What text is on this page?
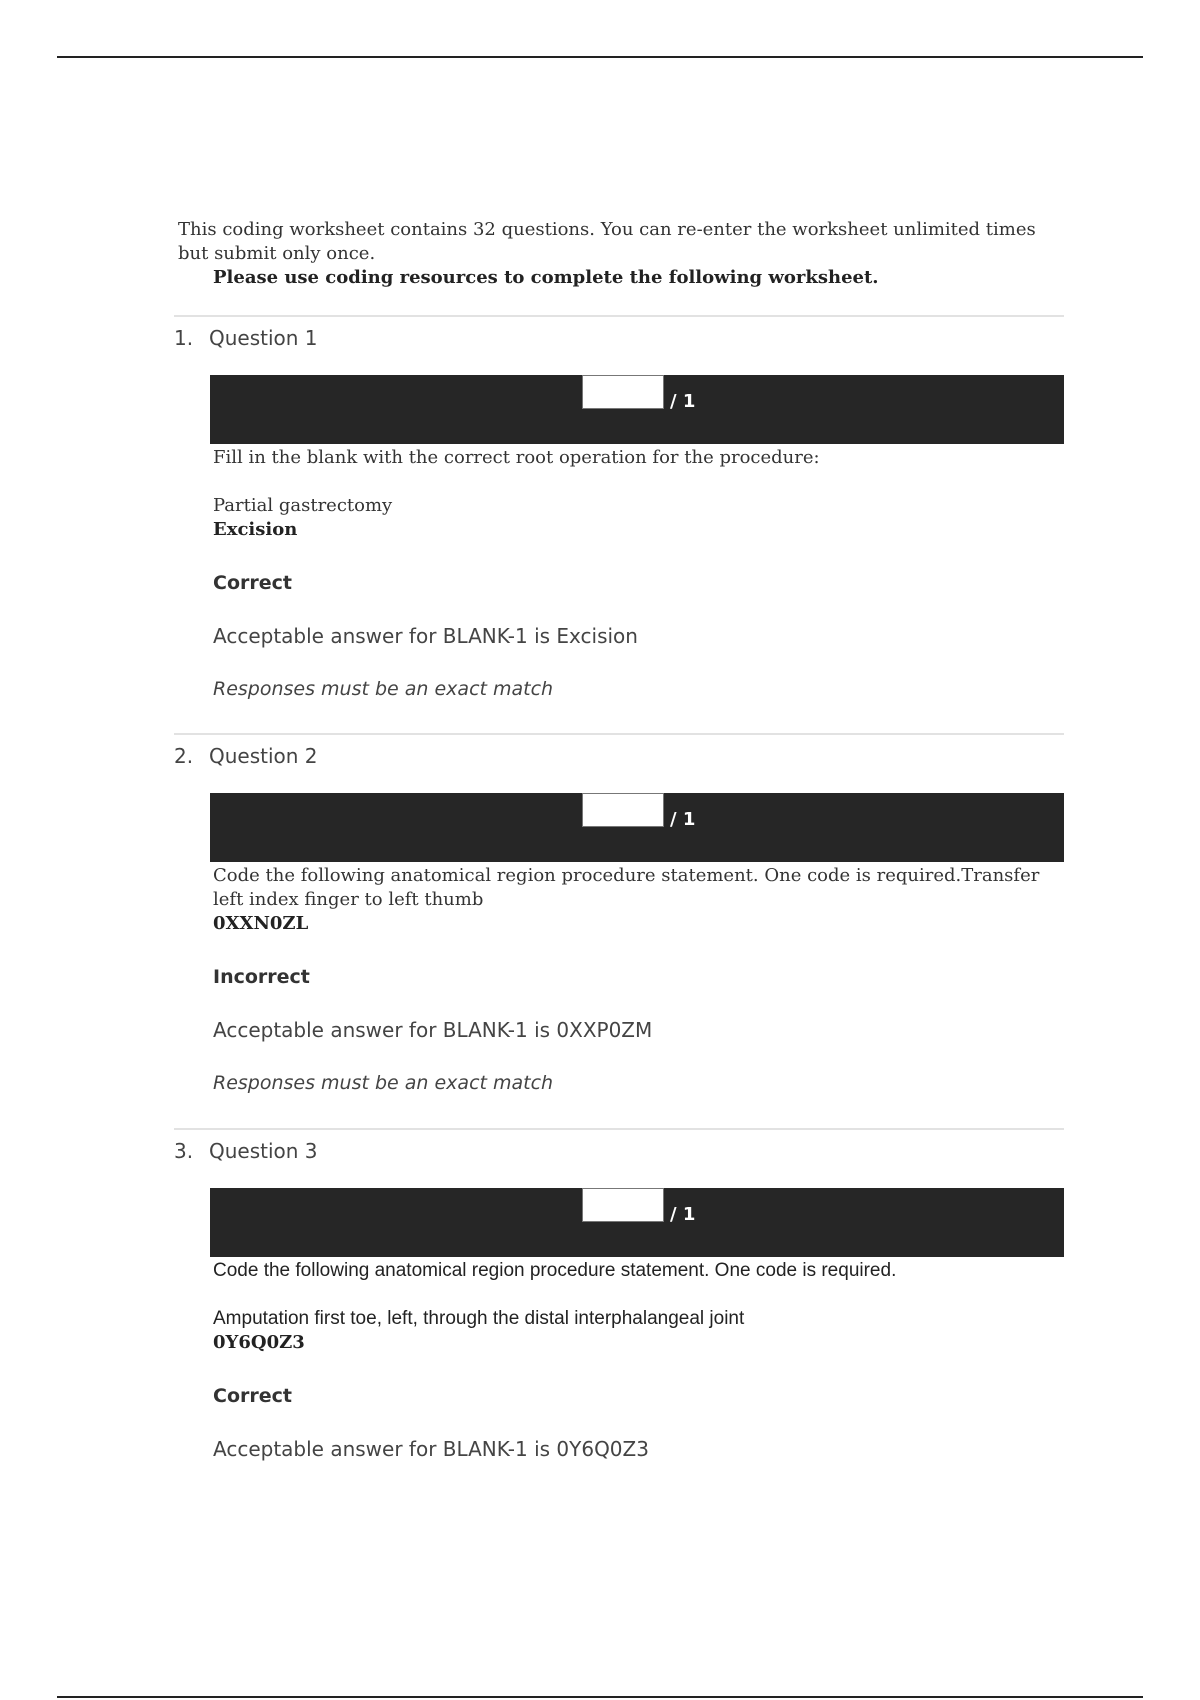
This coding worksheet contains 32 questions. You can re-enter the worksheet unlimited times but submit only once.
Please use coding resources to complete the following worksheet.
1. Question 1
/ 1
Fill in the blank with the correct root operation for the procedure:
Partial gastrectomy
Excision
Correct
Acceptable answer for BLANK-1 is Excision
Responses must be an exact match
2. Question 2
/ 1
Code the following anatomical region procedure statement. One code is required.Transfer left index finger to left thumb
0XXN0ZL
Incorrect
Acceptable answer for BLANK-1 is 0XXP0ZM
Responses must be an exact match
3. Question 3
/ 1
Code the following anatomical region procedure statement. One code is required.
Amputation first toe, left, through the distal interphalangeal joint
0Y6Q0Z3
Correct
Acceptable answer for BLANK-1 is 0Y6Q0Z3
